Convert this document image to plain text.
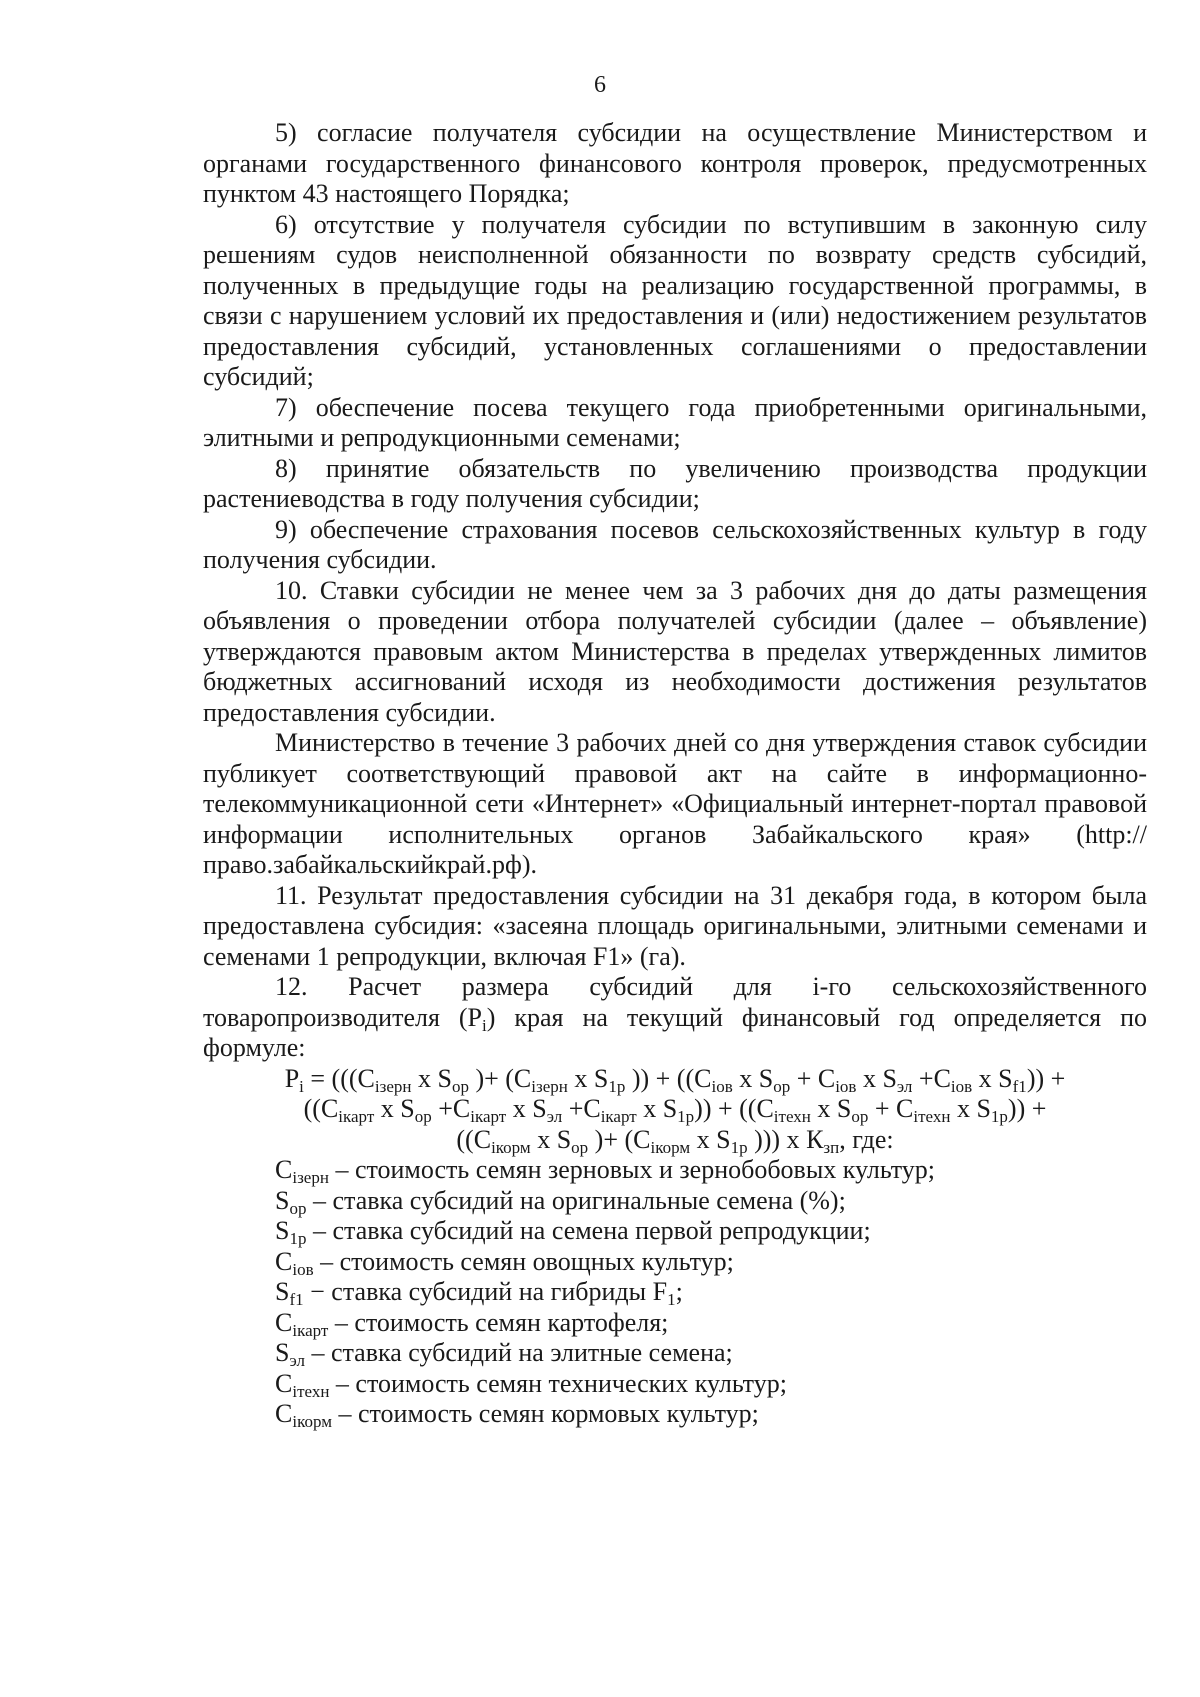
6

5) согласие получателя субсидии на осуществление Министерством и органами государственного финансового контроля проверок, предусмотренных пунктом 43 настоящего Порядка;

6) отсутствие у получателя субсидии по вступившим в законную силу решениям судов неисполненной обязанности по возврату средств субсидий, полученных в предыдущие годы на реализацию государственной программы, в связи с нарушением условий их предоставления и (или) недостижением результатов предоставления субсидий, установленных соглашениями о предоставлении субсидий;

7) обеспечение посева текущего года приобретенными оригинальными, элитными и репродукционными семенами;

8) принятие обязательств по увеличению производства продукции растениеводства в году получения субсидии;

9) обеспечение страхования посевов сельскохозяйственных культур в году получения субсидии.

10. Ставки субсидии не менее чем за 3 рабочих дня до даты размещения объявления о проведении отбора получателей субсидии (далее – объявление) утверждаются правовым актом Министерства в пределах утвержденных лимитов бюджетных ассигнований исходя из необходимости достижения результатов предоставления субсидии.

Министерство в течение 3 рабочих дней со дня утверждения ставок субсидии публикует соответствующий правовой акт на сайте в информационно-телекоммуникационной сети «Интернет» «Официальный интернет-портал правовой информации исполнительных органов Забайкальского края» (http://право.забайкальскийкрай.рф).

11. Результат предоставления субсидии на 31 декабря года, в котором была предоставлена субсидия: «засеяна площадь оригинальными, элитными семенами и семенами 1 репродукции, включая F1» (га).

12. Расчет размера субсидий для i-го сельскохозяйственного товаропроизводителя $(P_i)$ края на текущий финансовый год определяется по формуле:

$P_i = (((C_{iзерн}$ x $S_{op}$ )+ ($C_{iзерн}$ x $S_{1p}$ )) + (($C_{iов}$ x $S_{op} + C_{iов}$ x $S_{эл} +C_{iов}$ x $S_{f1}$)) +
(($C_{iкарт}$ x $S_{op} +C_{iкарт}$ x $S_{эл} +C_{iкарт}$ x $S_{1p})) + ((C_{iтехн}$ x $S_{op} + C_{iтехн}$ x $S_{1p}$)) +
(($C_{iкорм}$ x $S_{op}$ )+ ($C_{iкорм}$ x $S_{1p}$ ))) x $К_{зп}$, где:

$C_{iзерн}$ – стоимость семян зерновых и зернобобовых культур;

$S_{op}$ – ставка субсидий на оригинальные семена (%);

$S_{1p}$ – ставка субсидий на семена первой репродукции;

$C_{iов}$ – стоимость семян овощных культур;

$S_{f1}$ − ставка субсидий на гибриды $F_1$;

$C_{iкарт}$ – стоимость семян картофеля;

$S_{эл}$ – ставка субсидий на элитные семена;

$C_{iтехн}$ – стоимость семян технических культур;

$C_{iкорм}$ – стоимость семян кормовых культур;
